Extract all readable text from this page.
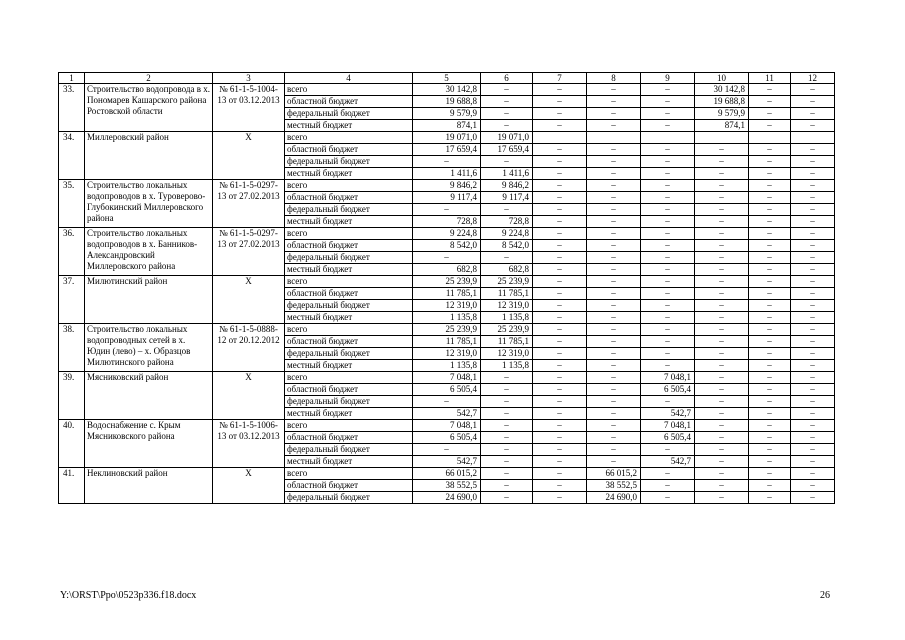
1	2	3	4	5	6	7	8	9	10	11	12
33.	Строительство водопровода в х. Пономарев Кашарского района Ростовской области	№ 61-1-5-1004-13 от 03.12.2013	всего	30 142,8	–	–	–	–	30 142,8	–	–
			областной бюджет	19 688,8	–	–	–	–	19 688,8	–	–
			федеральный бюджет	9 579,9	–	–	–	–	9 579,9	–	–
			местный бюджет	874,1	–	–	–	–	874,1	–	–
34.	Миллеровский район	Х	всего	19 071,0	19 071,0						
			областной бюджет	17 659,4	17 659,4	–	–	–	–	–	–
			федеральный бюджет	–	–	–	–	–	–	–	–
			местный бюджет	1 411,6	1 411,6	–	–	–	–	–	–
35.	Строительство локальных водопроводов в х. Туроверово-Глубокинский Миллеровского района	№ 61-1-5-0297-13 от 27.02.2013	всего	9 846,2	9 846,2	–	–	–	–	–	–
			областной бюджет	9 117,4	9 117,4	–	–	–	–	–	–
			федеральный бюджет	–	–	–	–	–	–	–	–
			местный бюджет	728,8	728,8	–	–	–	–	–	–
36.	Строительство локальных водопроводов в х. Банников-Александровский Миллеровского района	№ 61-1-5-0297-13 от 27.02.2013	всего	9 224,8	9 224,8	–	–	–	–	–	–
			областной бюджет	8 542,0	8 542,0	–	–	–	–	–	–
			федеральный бюджет	–	–	–	–	–	–	–	–
			местный бюджет	682,8	682,8	–	–	–	–	–	–
37.	Милютинский район	Х	всего	25 239,9	25 239,9	–	–	–	–	–	–
			областной бюджет	11 785,1	11 785,1	–	–	–	–	–	–
			федеральный бюджет	12 319,0	12 319,0	–	–	–	–	–	–
			местный бюджет	1 135,8	1 135,8	–	–	–	–	–	–
38.	Строительство локальных водопроводных сетей в х. Юдин (лево) – х. Образцов Милютинского района	№ 61-1-5-0888-12 от 20.12.2012	всего	25 239,9	25 239,9	–	–	–	–	–	–
			областной бюджет	11 785,1	11 785,1	–	–	–	–	–	–
			федеральный бюджет	12 319,0	12 319,0	–	–	–	–	–	–
			местный бюджет	1 135,8	1 135,8	–	–	–	–	–	–
39.	Мясниковский район	Х	всего	7 048,1	–	–	–	7 048,1	–	–	–
			областной бюджет	6 505,4	–	–	–	6 505,4	–	–	–
			федеральный бюджет	–	–	–	–	–	–	–	–
			местный бюджет	542,7	–	–	–	542,7	–	–	–
40.	Водоснабжение с. Крым Мясниковского района	№ 61-1-5-1006-13 от 03.12.2013	всего	7 048,1	–	–	–	7 048,1	–	–	–
			областной бюджет	6 505,4	–	–	–	6 505,4	–	–	–
			федеральный бюджет	–	–	–	–	–	–	–	–
			местный бюджет	542,7	–	–	–	542,7	–	–	–
41.	Неклиновский район	Х	всего	66 015,2	–	–	66 015,2	–	–	–	–
			областной бюджет	38 552,5	–	–	38 552,5	–	–	–	–
			федеральный бюджет	24 690,0	–	–	24 690,0	–	–	–	–
Y:\ORST\Ppo\0523p336.f18.docx	26
